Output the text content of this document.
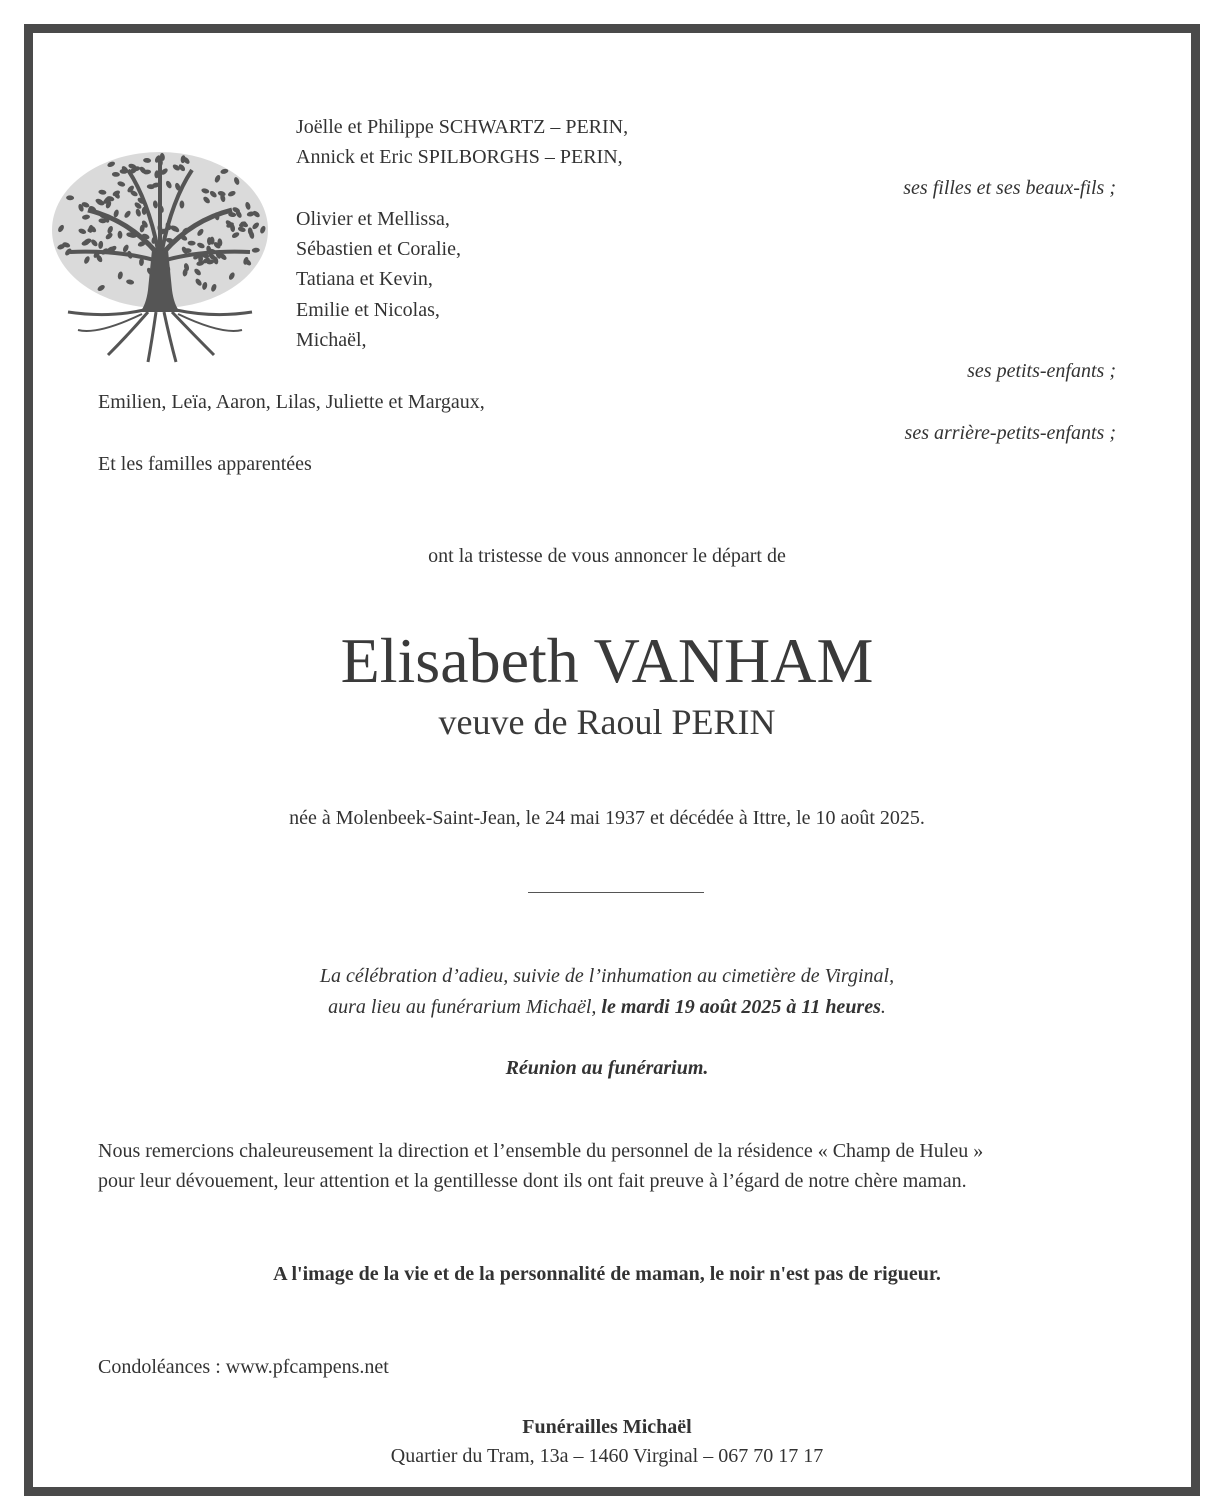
Joëlle et Philippe SCHWARTZ – PERIN,
Annick et Eric SPILBORGHS – PERIN,
ses filles et ses beaux-fils ;
Olivier et Mellissa,
Sébastien et Coralie,
Tatiana et Kevin,
Emilie et Nicolas,
Michaël,
ses petits-enfants ;
Emilien, Leïa, Aaron, Lilas, Juliette et Margaux,
ses arrière-petits-enfants ;
Et les familles apparentées
ont la tristesse de vous annoncer le départ de
Elisabeth VANHAM
veuve de Raoul PERIN
née à Molenbeek-Saint-Jean, le 24 mai 1937 et décédée à Ittre, le 10 août 2025.
La célébration d’adieu, suivie de l’inhumation au cimetière de Virginal,
aura lieu au funérarium Michaël, le mardi 19 août 2025 à 11 heures.
Réunion au funérarium.
Nous remercions chaleureusement la direction et l’ensemble du personnel de la résidence « Champ de Huleu »
pour leur dévouement, leur attention et la gentillesse dont ils ont fait preuve à l’égard de notre chère maman.
A l'image de la vie et de la personnalité de maman, le noir n'est pas de rigueur.
Condoléances : www.pfcampens.net
Funérailles Michaël
Quartier du Tram, 13a – 1460 Virginal – 067 70 17 17
